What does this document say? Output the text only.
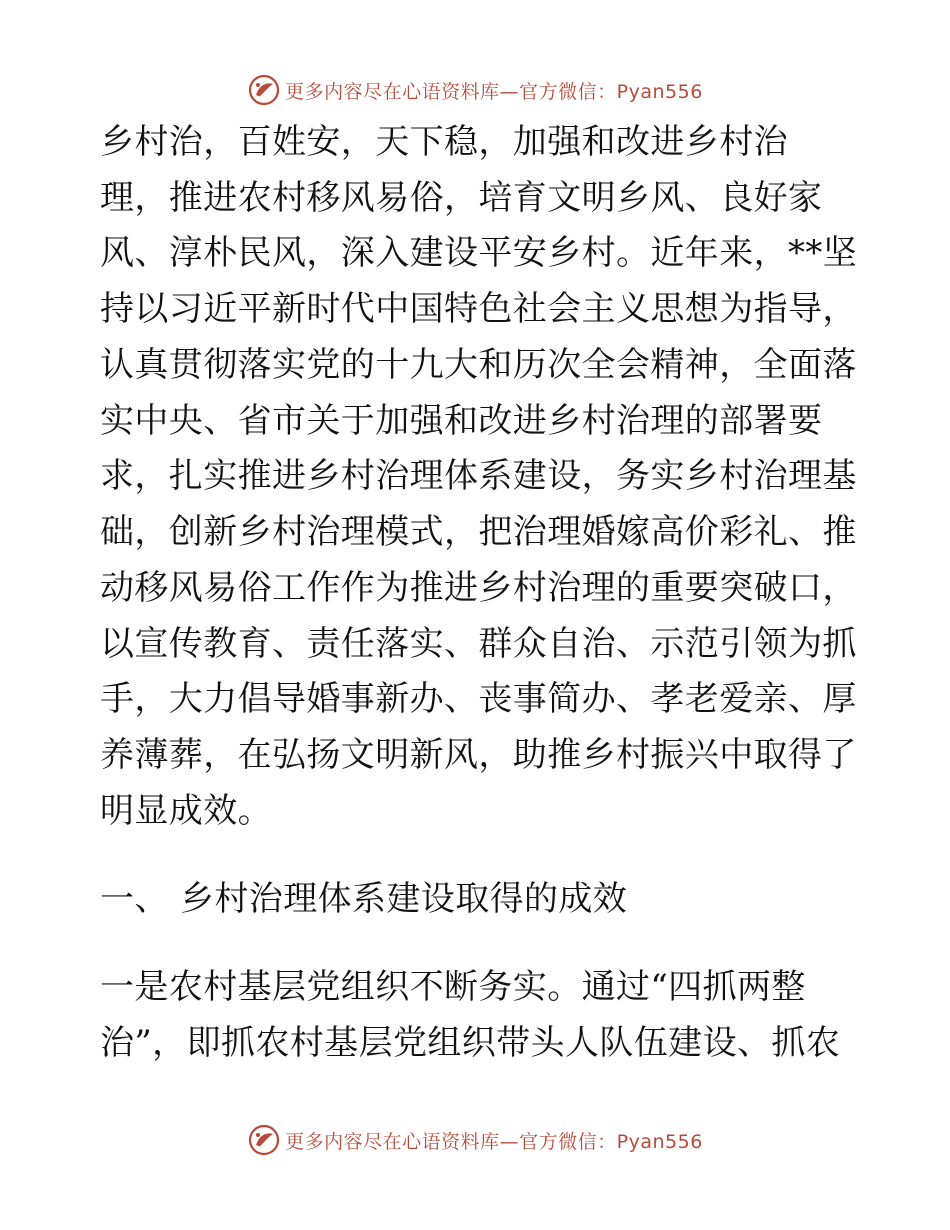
更多内容尽在心语资料库—官方微信：Pyan556
乡村治，百姓安，天下稳，加强和改进乡村治
理，推进农村移风易俗，培育文明乡风、良好家
风、淳朴民风，深入建设平安乡村。近年来，**坚
持以习近平新时代中国特色社会主义思想为指导，
认真贯彻落实党的十九大和历次全会精神，全面落
实中央、省市关于加强和改进乡村治理的部署要
求，扎实推进乡村治理体系建设，务实乡村治理基
础，创新乡村治理模式，把治理婚嫁高价彩礼、推
动移风易俗工作作为推进乡村治理的重要突破口，
以宣传教育、责任落实、群众自治、示范引领为抓
手，大力倡导婚事新办、丧事简办、孝老爱亲、厚
养薄葬，在弘扬文明新风，助推乡村振兴中取得了
明显成效。
一、 乡村治理体系建设取得的成效
一是农村基层党组织不断务实。通过“四抓两整
治”，即抓农村基层党组织带头人队伍建设、抓农
更多内容尽在心语资料库—官方微信：Pyan556
